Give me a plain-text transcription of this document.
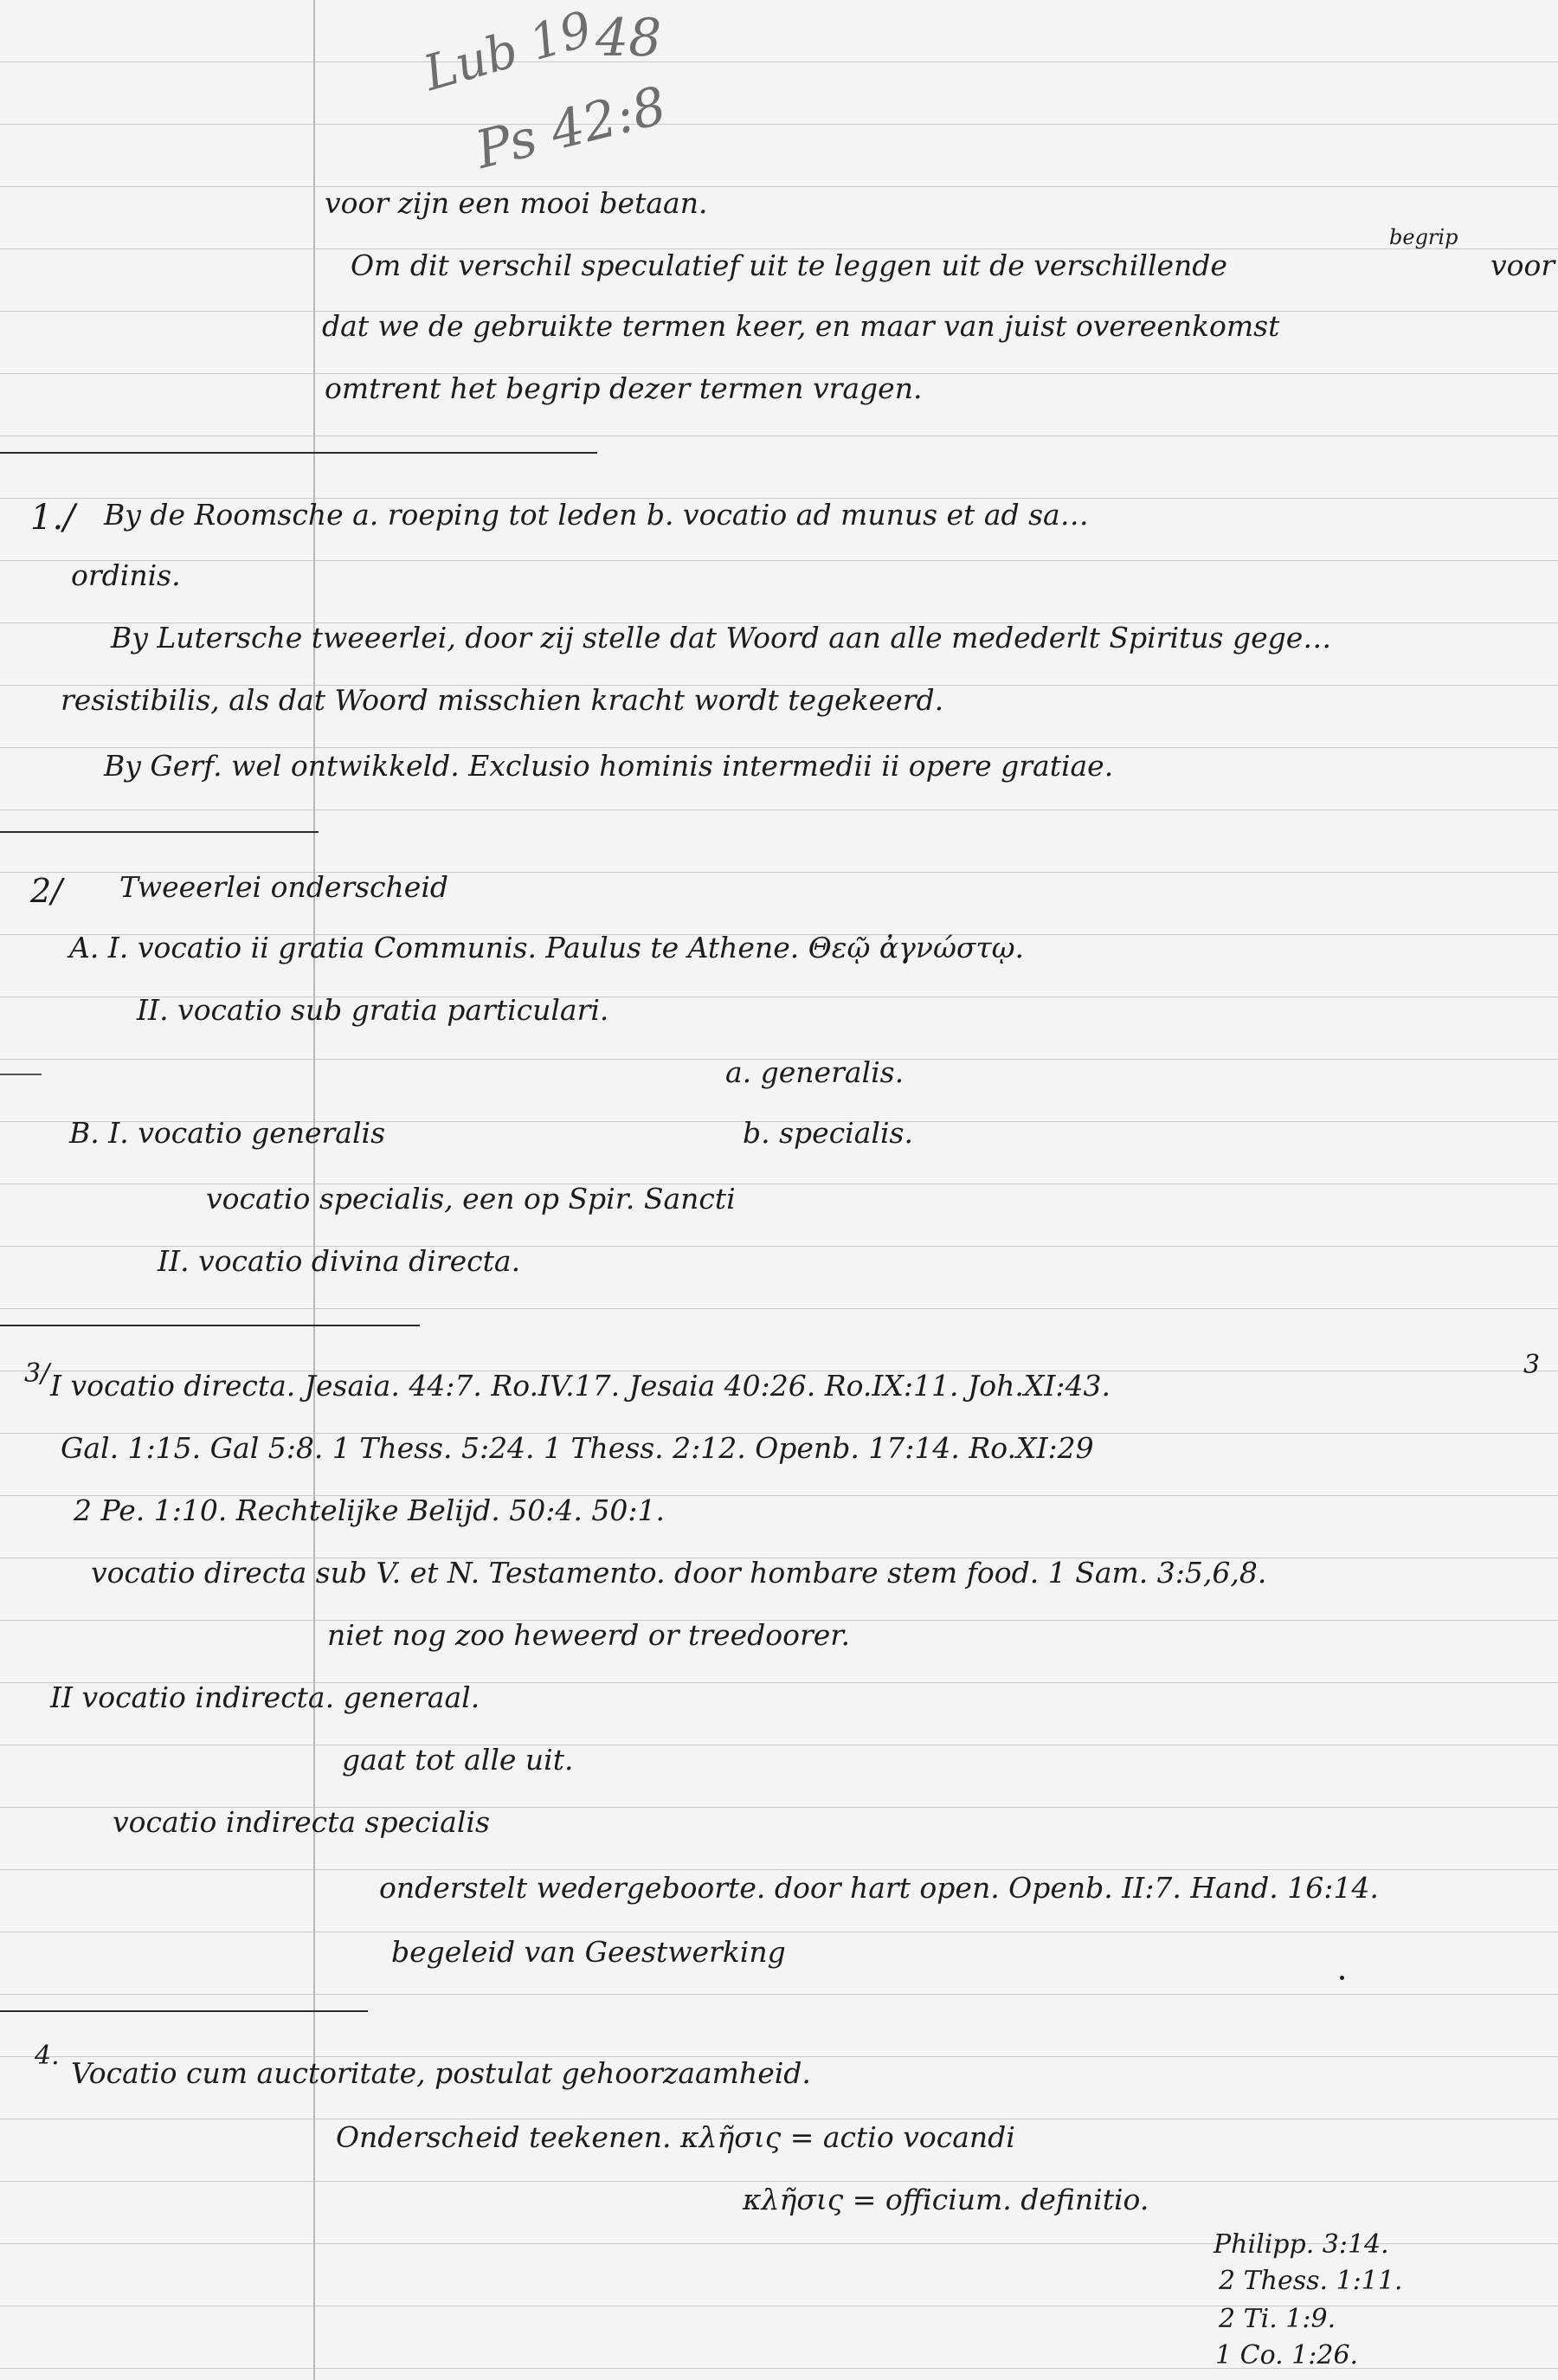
Lub 19
48
Ps 42:8
voor zijn een mooi betaan.
begrip
Om dit verschil speculatief uit te leggen uit de verschillende	voor
dat we de gebruikte termen keer, en maar van juist overeenkomst
omtrent het begrip dezer termen vragen.
1./ By de Roomsche a. roeping tot leden b. vocatio ad munus et ad sa…
ordinis.
By Lutersche tweeerlei, door zij stelle dat Woord aan alle medederlt Spiritus gege…
resistibilis, als dat Woord misschien kracht wordt tegekeerd.
By Gerf. wel ontwikkeld. Exclusio hominis intermedii ii opere gratiae.
2/ Tweeerlei onderscheid
A. I. vocatio ii gratia Communis. Paulus te Athene. Θεῷ ἀγνώστῳ.
II. vocatio sub gratia particulari.
a. generalis.
B. I. vocatio generalis	b. specialis.
vocatio specialis, een op Spir. Sancti
II. vocatio divina directa.
3/ I vocatio directa. Jesaia. 44:7. Ro.IV.17. Jesaia 40:26. Ro.IX:11. Joh.XI:43.
3
Gal. 1:15. Gal 5:8. 1 Thess. 5:24. 1 Thess. 2:12. Openb. 17:14. Ro.XI:29
2 Pe. 1:10. Rechtelijke Belijd. 50:4. 50:1.
vocatio directa sub V. et N. Testamento. door hombare stem food. 1 Sam. 3:5,6,8.
niet nog zoo heweerd or treedoorer.
II vocatio indirecta. generaal.
gaat tot alle uit.
vocatio indirecta specialis
onderstelt wedergeboorte. door hart open. Openb. II:7. Hand. 16:14.
begeleid van Geestwerking
4.
Vocatio cum auctoritate, postulat gehoorzaamheid.
Onderscheid teekenen. κλῆσις = actio vocandi
κλῆσις = officium. definitio.
Philipp. 3:14.
2 Thess. 1:11.
2 Ti. 1:9.
1 Co. 1:26.
